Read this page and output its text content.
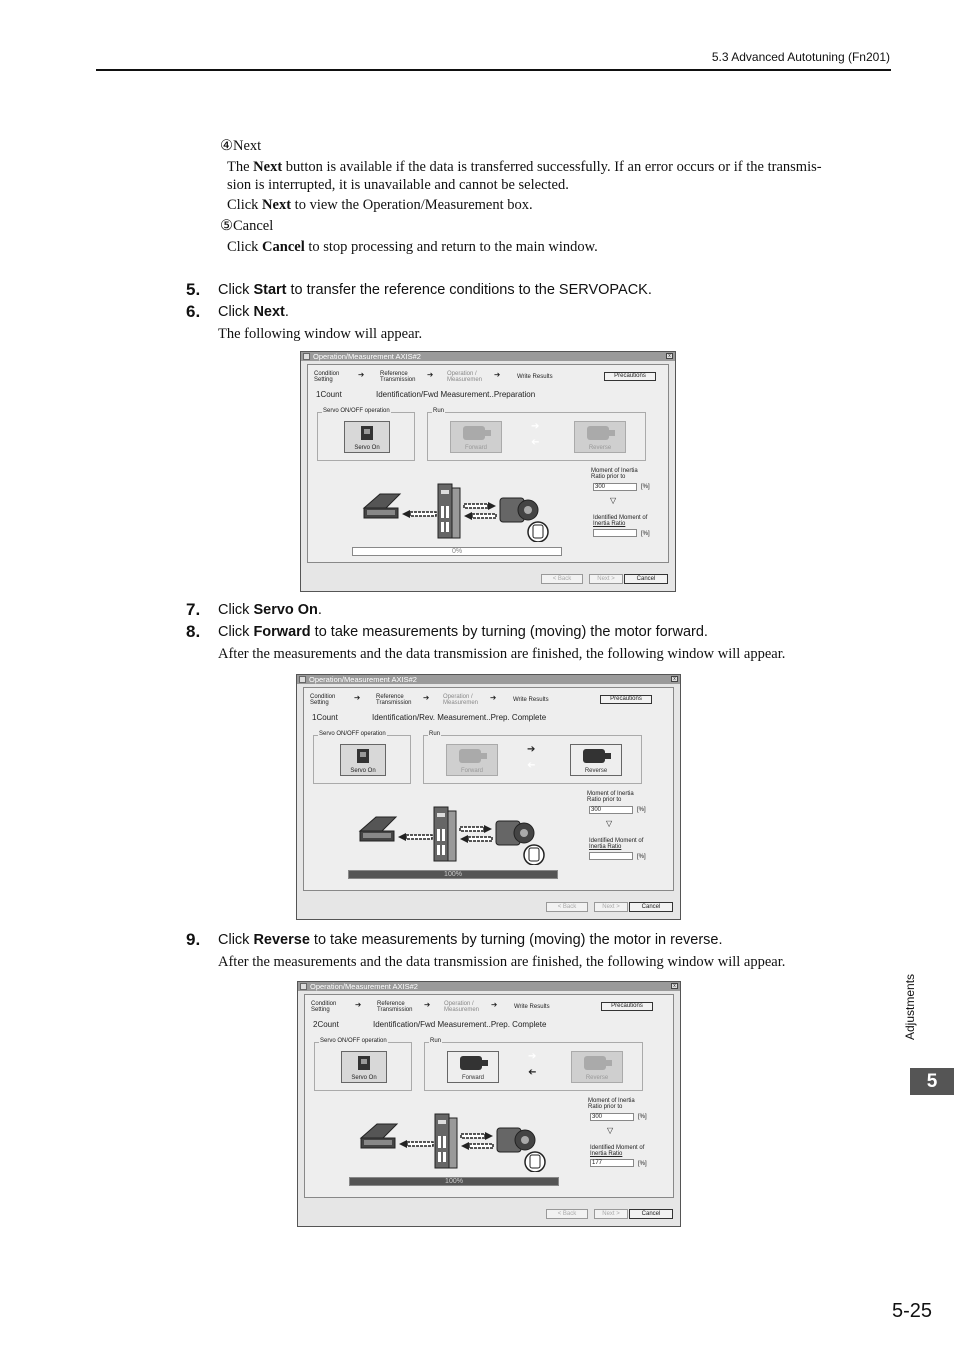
5.3 Advanced Autotuning (Fn201)
④Next
The Next button is available if the data is transferred successfully. If an error occurs or if the transmis-
sion is interrupted, it is unavailable and cannot be selected.
Click Next to view the Operation/Measurement box.
⑤Cancel
Click Cancel to stop processing and return to the main window.
5. Click Start to transfer the reference conditions to the SERVOPACK.
6. Click Next.
The following window will appear.
7. Click Servo On.
8. Click Forward to take measurements by turning (moving) the motor forward.
After the measurements and the data transmission are finished, the following window will appear.
9. Click Reverse to take measurements by turning (moving) the motor in reverse.
After the measurements and the data transmission are finished, the following window will appear.
Operation/Measurement AXIS#2	x
Condition
Setting
➔	Reference
Transmission
➔ Operation /
Measuremen
➔	Write Results	Precautions
1Count	Identification/Fwd Measurement..Preparation
Servo ON/OFF operation
Servo On
Run
Forward
➔
➔	Reverse
Moment of Inertia
Ratio prior to
300	[%]
▽
Identified Moment of
Inertia Ratio
[%]
0%
< Back	Next >	Cancel
Operation/Measurement AXIS#2	x
Condition
Setting
➔	Reference
Transmission
➔ Operation /
Measuremen
➔	Write Results	Precautions
1Count	Identification/Rev. Measurement..Prep. Complete
Servo ON/OFF operation
Servo On
Run
Forward
➔
➔	Reverse
Moment of Inertia
Ratio prior to
300	[%]
▽
Identified Moment of
Inertia Ratio
[%]
100%
< Back	Next >	Cancel
Operation/Measurement AXIS#2	x
Condition
Setting
➔	Reference
Transmission
➔ Operation /
Measuremen
➔	Write Results	Precautions
2Count	Identification/Fwd Measurement..Prep. Complete
Servo ON/OFF operation
Servo On
Run
Forward
➔
➔	Reverse
Moment of Inertia
Ratio prior to
300	[%]
▽
Identified Moment of
Inertia Ratio
177	[%]
100%
< Back	Next >	Cancel
Adjustments
5
5-25
